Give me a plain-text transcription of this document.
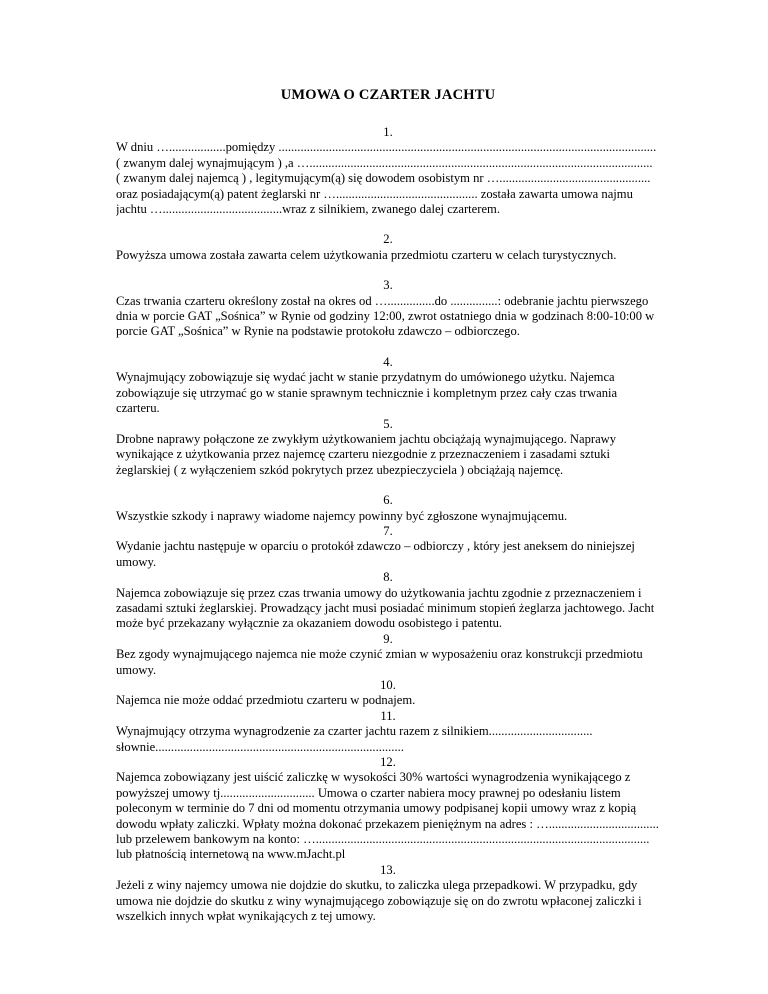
UMOWA O CZARTER JACHTU
1.
W dniu …..................pomiędzy ........................................................................................................................
( zwanym dalej wynajmującym ) ,a ….............................................................................................................
( zwanym dalej najemcą ) , legitymującym(ą) się dowodem osobistym nr …................................................
oraz posiadającym(ą) patent żeglarski nr …............................................. została zawarta umowa najmu
jachtu …......................................wraz z silnikiem, zwanego dalej czarterem.
2.
Powyższa umowa została zawarta celem użytkowania przedmiotu czarteru w celach turystycznych.
3.
Czas trwania czarteru określony został na okres od …...............do ...............: odebranie jachtu pierwszego
dnia w porcie GAT „Sośnica” w Rynie od godziny 12:00, zwrot ostatniego dnia w godzinach 8:00-10:00 w
porcie GAT „Sośnica” w Rynie na podstawie protokołu zdawczo – odbiorczego.
4.
Wynajmujący zobowiązuje się wydać jacht w stanie przydatnym do umówionego użytku. Najemca
zobowiązuje się utrzymać go w stanie sprawnym technicznie i kompletnym przez cały czas trwania
czarteru.
5.
Drobne naprawy połączone ze zwykłym użytkowaniem jachtu obciążają wynajmującego. Naprawy
wynikające z użytkowania przez najemcę czarteru niezgodnie z przeznaczeniem i zasadami sztuki
żeglarskiej ( z wyłączeniem szkód pokrytych przez ubezpieczyciela ) obciążają najemcę.
6.
Wszystkie szkody i naprawy wiadome najemcy powinny być zgłoszone wynajmującemu.
7.
Wydanie jachtu następuje w oparciu o protokół zdawczo – odbiorczy , który jest aneksem do niniejszej
umowy.
8.
Najemca zobowiązuje się przez czas trwania umowy do użytkowania jachtu zgodnie z przeznaczeniem i
zasadami sztuki żeglarskiej. Prowadzący jacht musi posiadać minimum stopień żeglarza jachtowego. Jacht
może być przekazany wyłącznie za okazaniem dowodu osobistego i patentu.
9.
Bez zgody wynajmującego najemca nie może czynić zmian w wyposażeniu oraz konstrukcji przedmiotu
umowy.
10.
Najemca nie może oddać przedmiotu czarteru w podnajem.
11.
Wynajmujący otrzyma wynagrodzenie za czarter jachtu razem z silnikiem.................................
słownie...............................................................................
12.
Najemca zobowiązany jest uiścić zaliczkę w wysokości 30% wartości wynagrodzenia wynikającego z
powyższej umowy tj.............................. Umowa o czarter nabiera mocy prawnej po odesłaniu listem
poleconym w terminie do 7 dni od momentu otrzymania umowy podpisanej kopii umowy wraz z kopią
dowodu wpłaty zaliczki. Wpłaty można dokonać przekazem pieniężnym na adres : …...................................
lub przelewem bankowym na konto: …..........................................................................................................
lub płatnością internetową na www.mJacht.pl
13.
Jeżeli z winy najemcy umowa nie dojdzie do skutku, to zaliczka ulega przepadkowi. W przypadku, gdy
umowa nie dojdzie do skutku z winy wynajmującego zobowiązuje się on do zwrotu wpłaconej zaliczki i
wszelkich innych wpłat wynikających z tej umowy.
